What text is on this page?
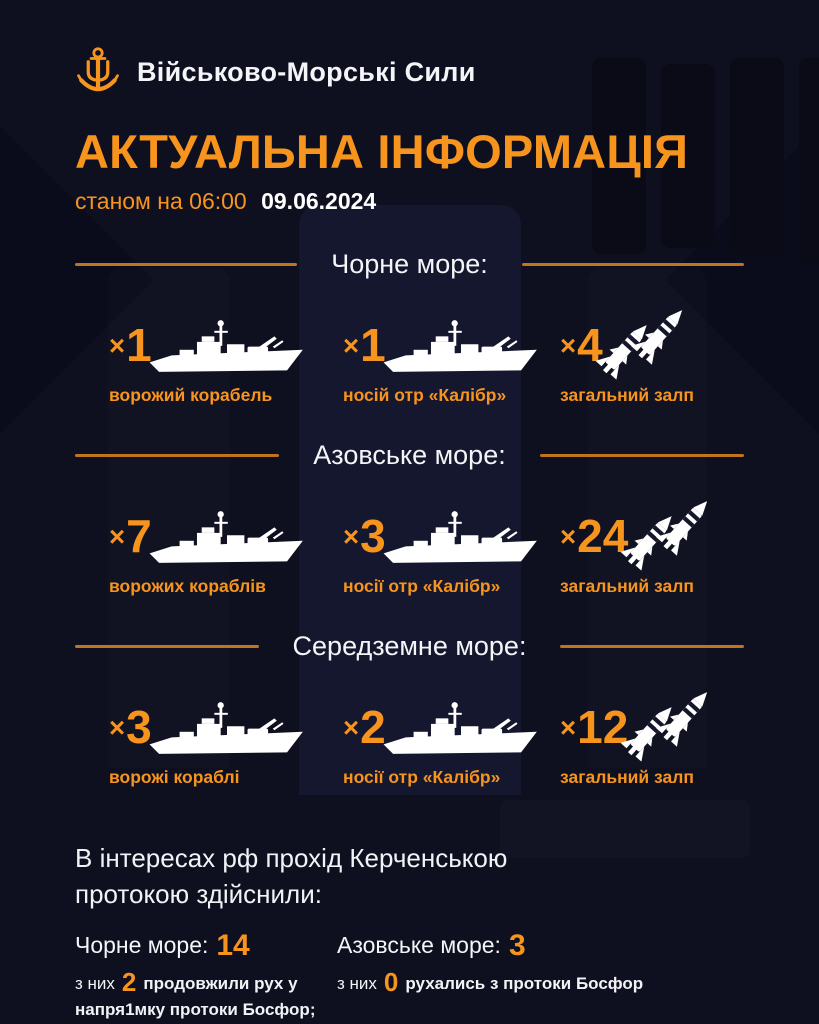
Військово-Морські Сили
АКТУАЛЬНА ІНФОРМАЦІЯ
станом на 06:00 09.06.2024
Чорне море:
×1
ворожий корабель
×1
носій отр «Калібр»
×4
загальний залп
Азовське море:
×7
ворожих кораблів
×3
носії отр «Калібр»
×24
загальний залп
Середземне море:
×3
ворожі кораблі
×2
носії отр «Калібр»
×12
загальний залп
В інтересах рф прохід Керченською протокою здійснили:
Чорне море: 14
з них 2 продовжили рух у напря1мку протоки Босфор;
Азовське море: 3
з них 0 рухались з протоки Босфор
